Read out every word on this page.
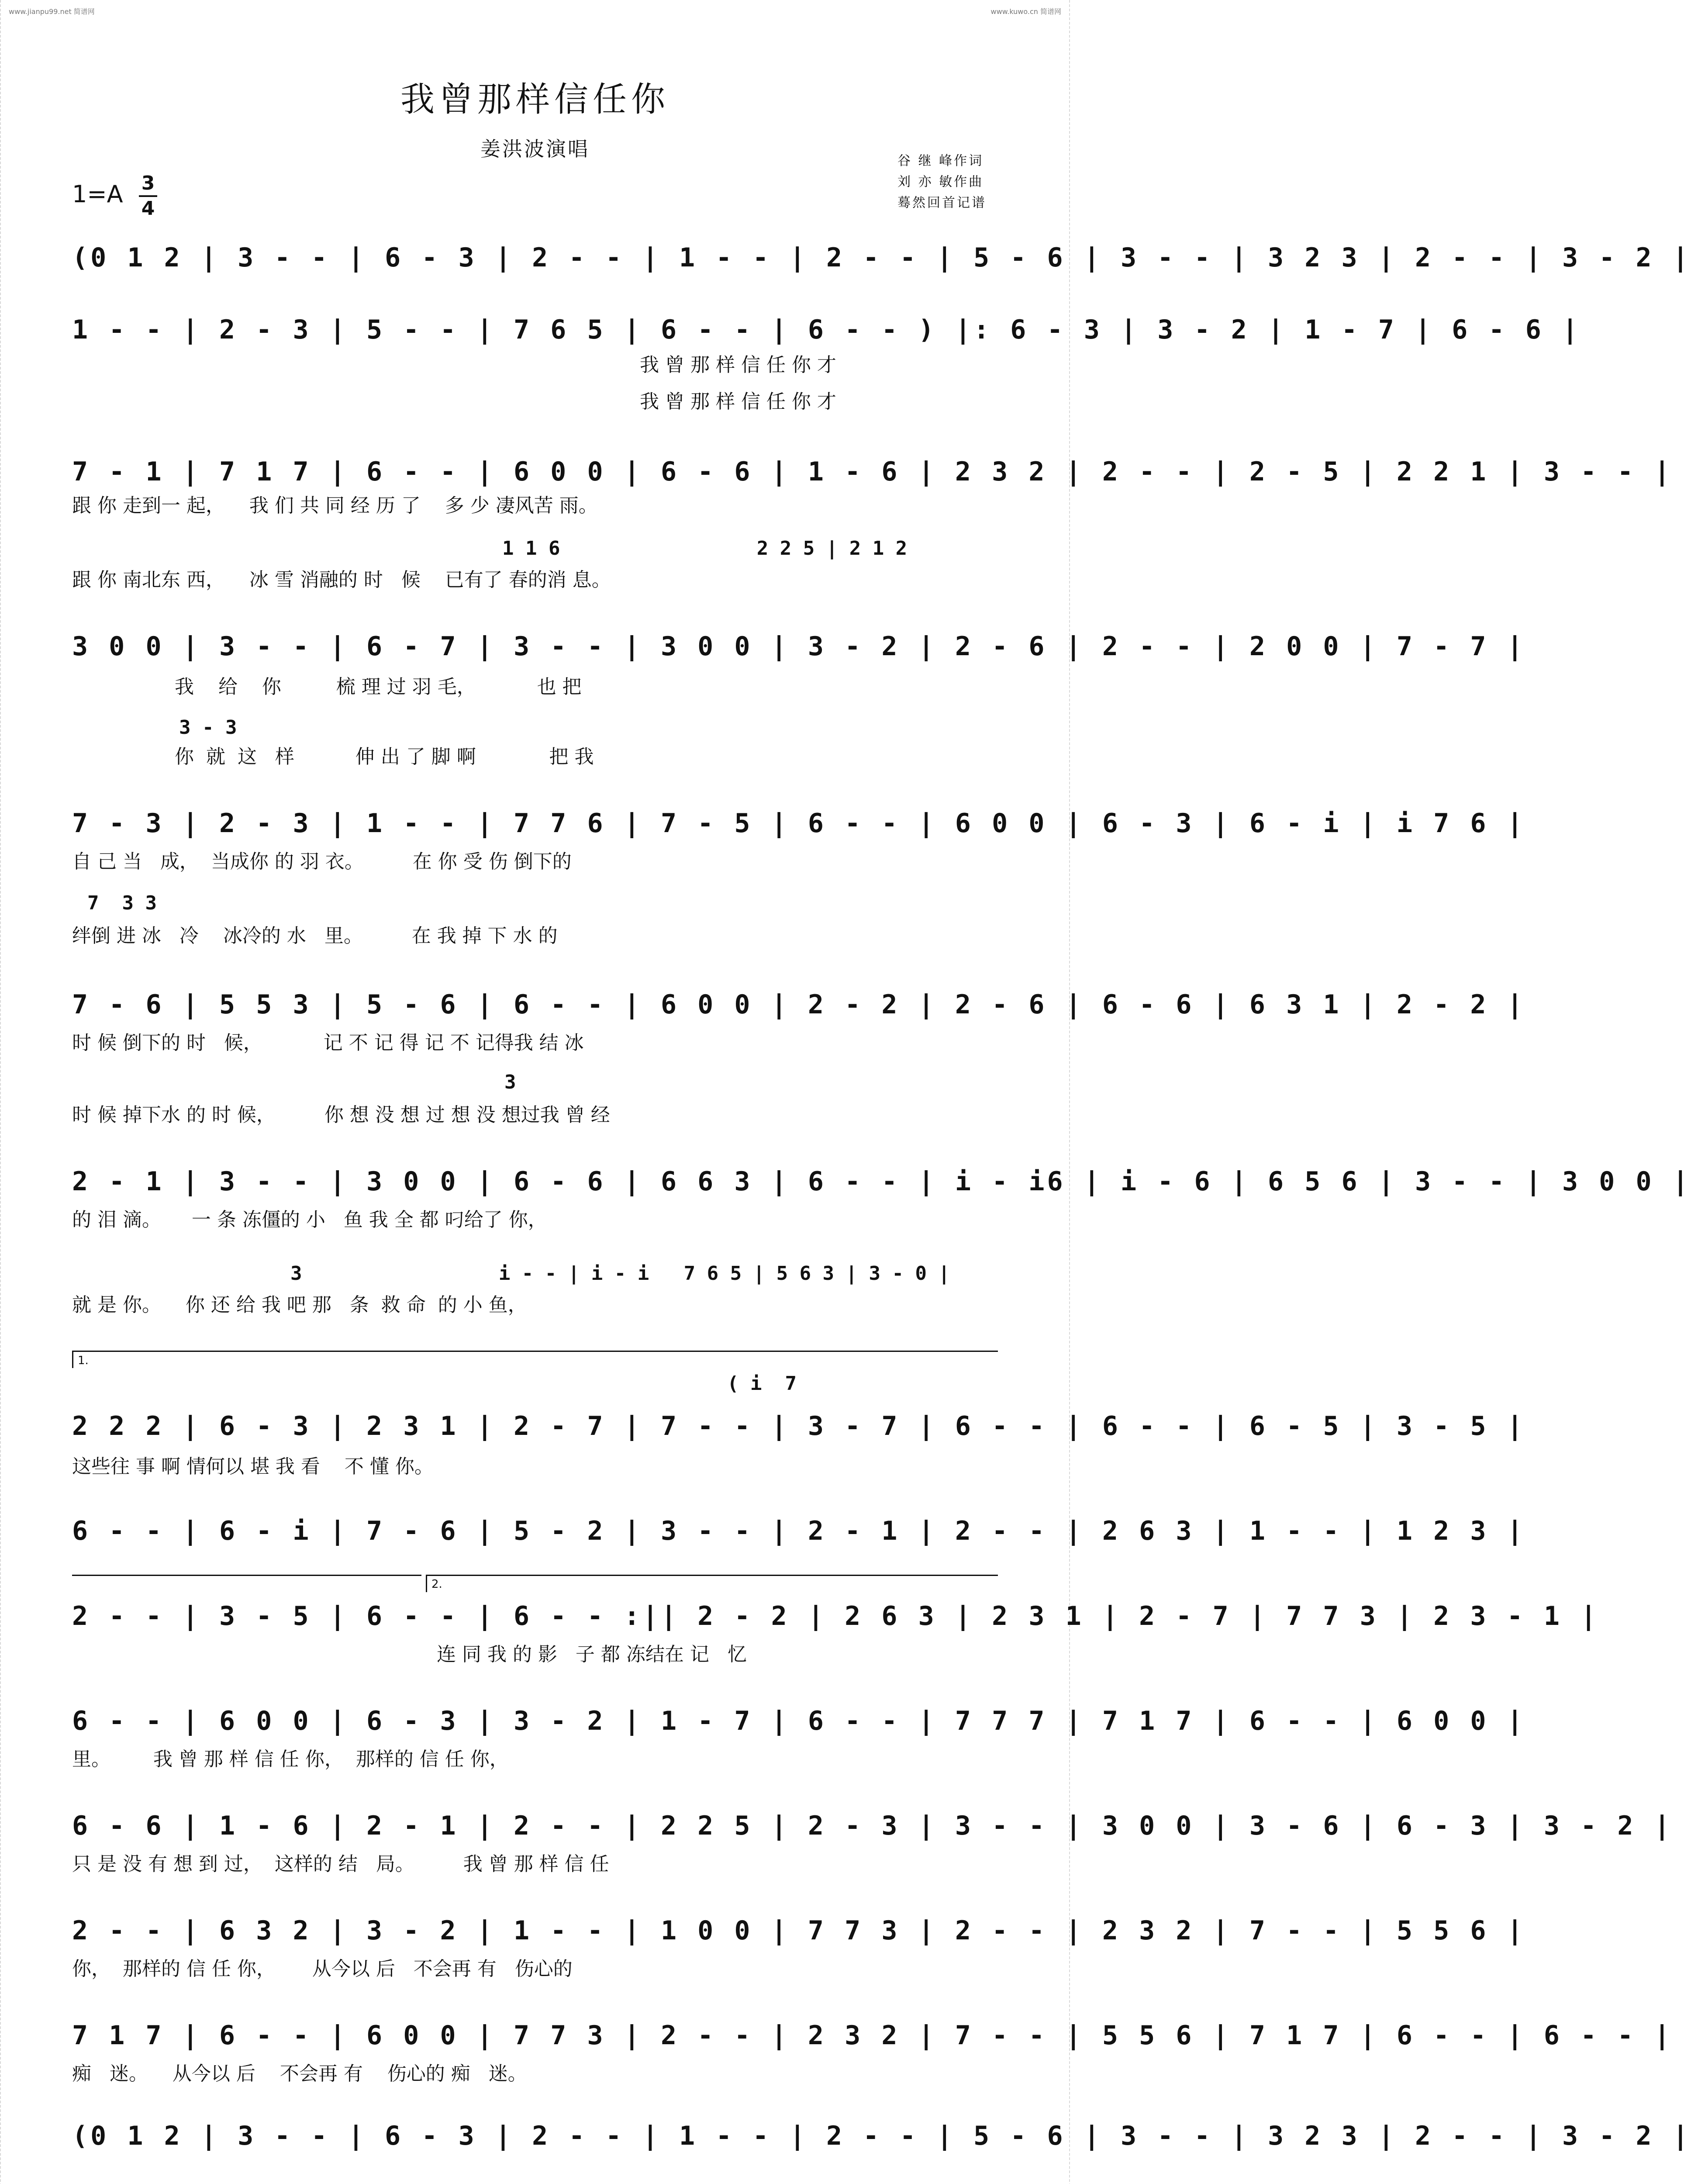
www.jianpu99.net 简谱网	www.kuwo.cn 简谱网
我曾那样信任你
姜洪波演唱
谷 继 峰作词
刘 亦 敏作曲
蓦然回首记谱
1=A 3
4
(0 1 2 | 3 - - | 6 - 3 | 2 - - | 1 - - | 2 - - | 5 - 6 | 3 - - | 3 2 3 | 2 - - | 3 - 2 |
1 - - | 2 - 3 | 5 - - | 7 6 5 | 6 - - | 6 - - ) |: 6 - 3 | 3 - 2 | 1 - 7 | 6 - 6 |
我 曾 那 样 信 任 你 才
我 曾 那 样 信 任 你 才
7 - 1 | 7 1 7 | 6 - - | 6 0 0 | 6 - 6 | 1 - 6 | 2 3 2 | 2 - - | 2 - 5 | 2 2 1 | 3 - - |
跟 你 走到一 起，    我 们 共 同 经 历 了    多 少 凄风苦 雨。
1 1 6                 2 2 5 | 2 1 2
跟 你 南北东 西，    冰 雪 消融的 时   候    已有了 春的消 息。
3 0 0 | 3 - - | 6 - 7 | 3 - - | 3 0 0 | 3 - 2 | 2 - 6 | 2 - - | 2 0 0 | 7 - 7 |
我    给    你         梳 理 过 羽 毛，          也 把
3 - 3
你  就  这   样          伸 出 了 脚 啊            把 我
7 - 3 | 2 - 3 | 1 - - | 7 7 6 | 7 - 5 | 6 - - | 6 0 0 | 6 - 3 | 6 - i | i 7 6 |
自 己 当   成，  当成你 的 羽 衣。        在 你 受 伤 倒下的
7  3 3
绊倒 进 冰   冷    冰冷的 水   里。        在 我 掉 下 水 的
7 - 6 | 5 5 3 | 5 - 6 | 6 - - | 6 0 0 | 2 - 2 | 2 - 6 | 6 - 6 | 6 3 1 | 2 - 2 |
时 候 倒下的 时   候，          记 不 记 得 记 不 记得我 结 冰
3
时 候 掉下水 的 时 候，        你 想 没 想 过 想 没 想过我 曾 经
2 - 1 | 3 - - | 3 0 0 | 6 - 6 | 6 6 3 | 6 - - | i - i6 | i - 6 | 6 5 6 | 3 - - | 3 0 0 |
的 泪 滴。     一 条 冻僵的 小   鱼 我 全 都 叼给了 你，
3                 i - - | i - i   7 6 5 | 5 6 3 | 3 - 0 |
就 是 你。    你 还 给 我 吧 那   条  救 命  的 小 鱼，
1.
( i  7
2 2 2 | 6 - 3 | 2 3 1 | 2 - 7 | 7 - - | 3 - 7 | 6 - - | 6 - - | 6 - 5 | 3 - 5 |
这些往 事 啊 情何以 堪 我 看    不 懂 你。
6 - - | 6 - i | 7 - 6 | 5 - 2 | 3 - - | 2 - 1 | 2 - - | 2 6 3 | 1 - - | 1 2 3 |
2.
2 - - | 3 - 5 | 6 - - | 6 - - :|| 2 - 2 | 2 6 3 | 2 3 1 | 2 - 7 | 7 7 3 | 2 3 - 1 |
连 同 我 的 影   子 都 冻结在 记   忆
6 - - | 6 0 0 | 6 - 3 | 3 - 2 | 1 - 7 | 6 - - | 7 7 7 | 7 1 7 | 6 - - | 6 0 0 |
里。       我 曾 那 样 信 任 你，  那样的 信 任 你，
6 - 6 | 1 - 6 | 2 - 1 | 2 - - | 2 2 5 | 2 - 3 | 3 - - | 3 0 0 | 3 - 6 | 6 - 3 | 3 - 2 |
只 是 没 有 想 到 过，  这样的 结   局。        我 曾 那 样 信 任
2 - - | 6 3 2 | 3 - 2 | 1 - - | 1 0 0 | 7 7 3 | 2 - - | 2 3 2 | 7 - - | 5 5 6 |
你，  那样的 信 任 你，      从今以 后   不会再 有   伤心的
7 1 7 | 6 - - | 6 0 0 | 7 7 3 | 2 - - | 2 3 2 | 7 - - | 5 5 6 | 7 1 7 | 6 - - | 6 - - |
痴   迷。    从今以 后    不会再 有    伤心的 痴   迷。
(0 1 2 | 3 - - | 6 - 3 | 2 - - | 1 - - | 2 - - | 5 - 6 | 3 - - | 3 2 3 | 2 - - | 3 - 2 |
